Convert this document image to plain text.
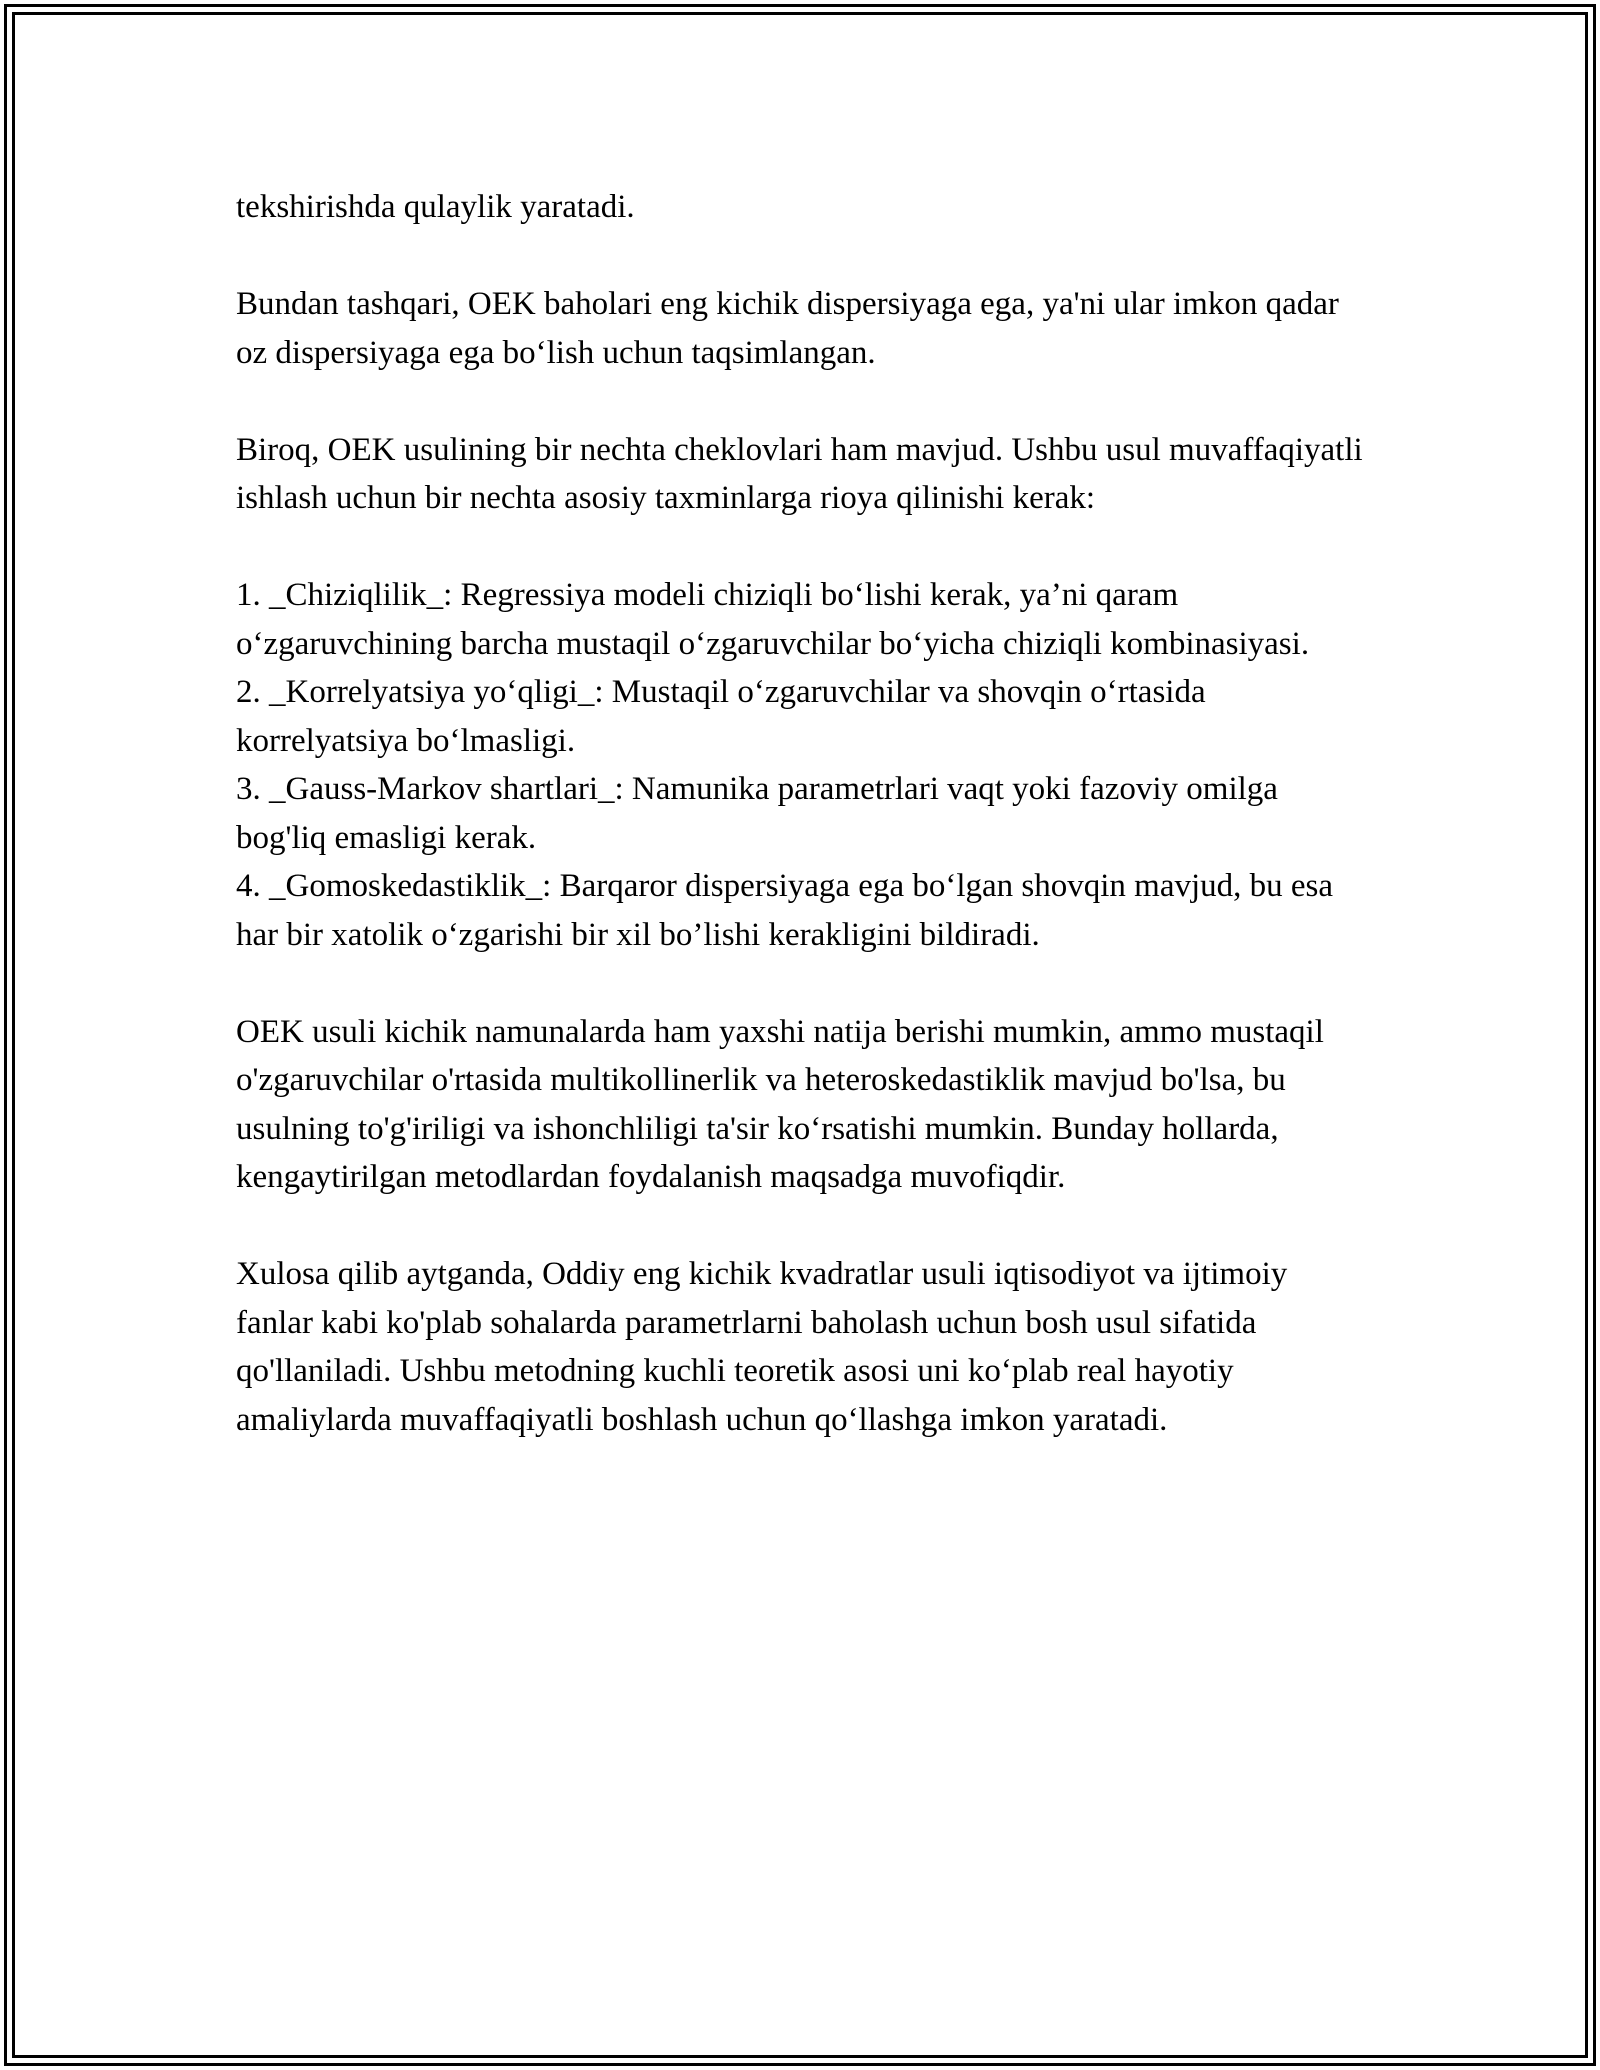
tekshirishda qulaylik yaratadi.

Bundan tashqari, OEK baholari eng kichik dispersiyaga ega, ya'ni ular imkon qadar oz dispersiyaga ega bo‘lish uchun taqsimlangan.

Biroq, OEK usulining bir nechta cheklovlari ham mavjud. Ushbu usul muvaffaqiyatli ishlash uchun bir nechta asosiy taxminlarga rioya qilinishi kerak:

1. _Chiziqlilik_: Regressiya modeli chiziqli bo‘lishi kerak, ya’ni qaram o‘zgaruvchining barcha mustaqil o‘zgaruvchilar bo‘yicha chiziqli kombinasiyasi.
2. _Korrelyatsiya yo‘qligi_: Mustaqil o‘zgaruvchilar va shovqin o‘rtasida korrelyatsiya bo‘lmasligi.
3. _Gauss-Markov shartlari_: Namunika parametrlari vaqt yoki fazoviy omilga bog'liq emasligi kerak.
4. _Gomoskedastiklik_: Barqaror dispersiyaga ega bo‘lgan shovqin mavjud, bu esa har bir xatolik o‘zgarishi bir xil bo’lishi kerakligini bildiradi.

OEK usuli kichik namunalarda ham yaxshi natija berishi mumkin, ammo mustaqil o'zgaruvchilar o'rtasida multikollinerlik va heteroskedastiklik mavjud bo'lsa, bu usulning to'g'iriligi va ishonchliligi ta'sir ko‘rsatishi mumkin. Bunday hollarda, kengaytirilgan metodlardan foydalanish maqsadga muvofiqdir.

Xulosa qilib aytganda, Oddiy eng kichik kvadratlar usuli iqtisodiyot va ijtimoiy fanlar kabi ko'plab sohalarda parametrlarni baholash uchun bosh usul sifatida qo'llaniladi. Ushbu metodning kuchli teoretik asosi uni ko‘plab real hayotiy amaliylarda muvaffaqiyatli boshlash uchun qo‘llashga imkon yaratadi.
